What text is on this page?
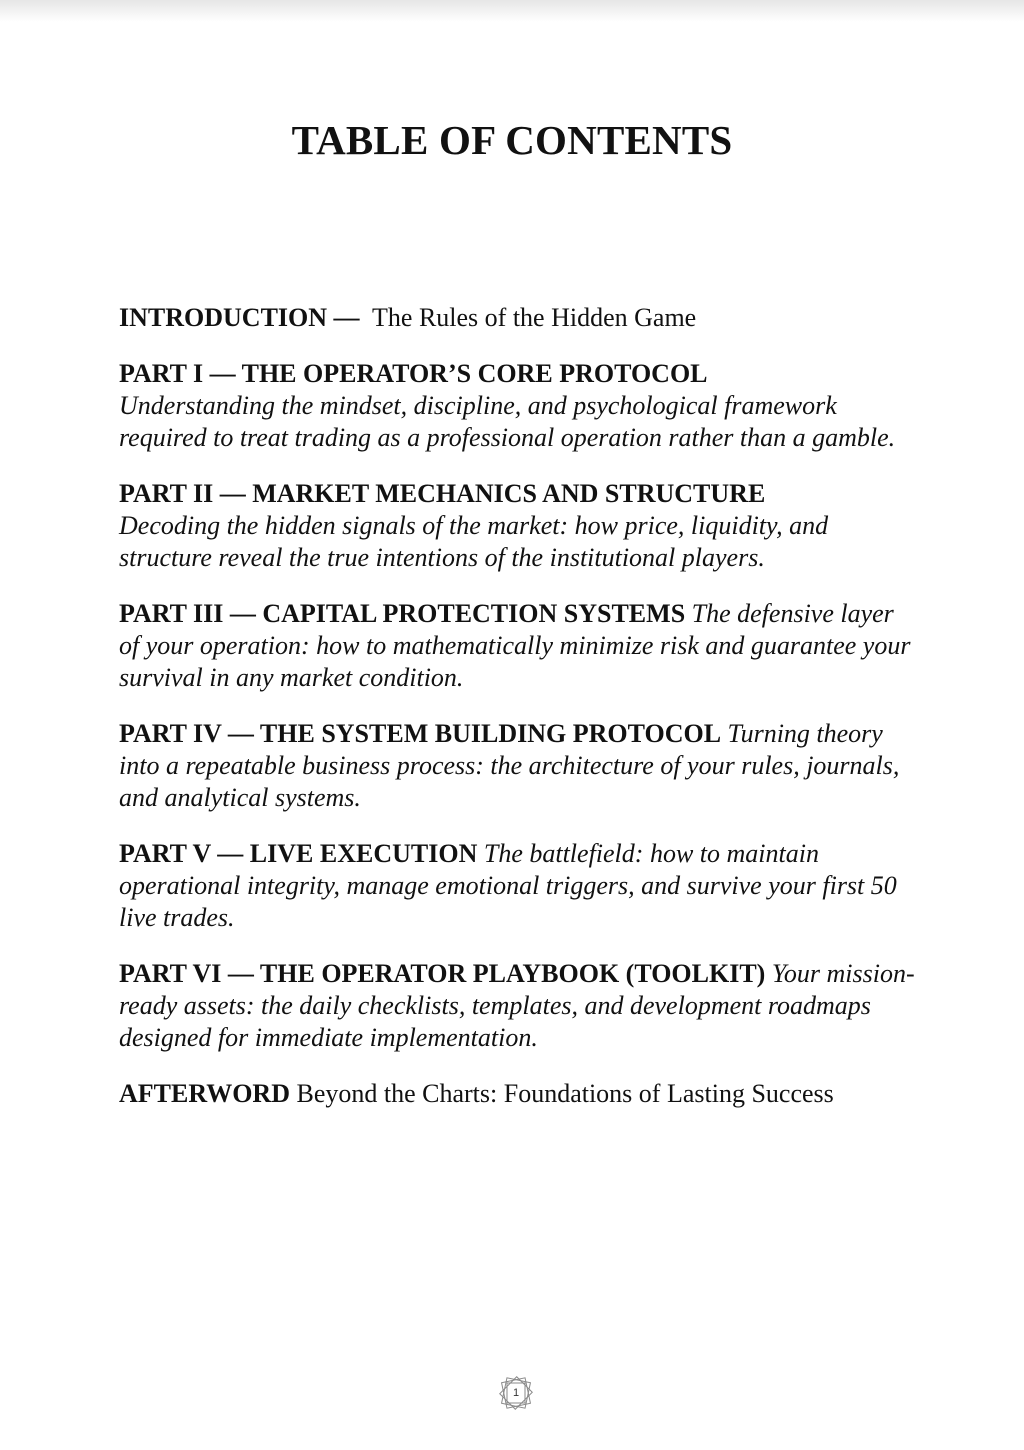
TABLE OF CONTENTS
INTRODUCTION — The Rules of the Hidden Game
PART I — THE OPERATOR’S CORE PROTOCOL
Understanding the mindset, discipline, and psychological framework required to treat trading as a professional operation rather than a gamble.
PART II — MARKET MECHANICS AND STRUCTURE
Decoding the hidden signals of the market: how price, liquidity, and structure reveal the true intentions of the institutional players.
PART III — CAPITAL PROTECTION SYSTEMS The defensive layer of your operation: how to mathematically minimize risk and guarantee your survival in any market condition.
PART IV — THE SYSTEM BUILDING PROTOCOL Turning theory into a repeatable business process: the architecture of your rules, journals, and analytical systems.
PART V — LIVE EXECUTION The battlefield: how to maintain operational integrity, manage emotional triggers, and survive your first 50 live trades.
PART VI — THE OPERATOR PLAYBOOK (TOOLKIT) Your mission-ready assets: the daily checklists, templates, and development roadmaps designed for immediate implementation.
AFTERWORD Beyond the Charts: Foundations of Lasting Success
1
